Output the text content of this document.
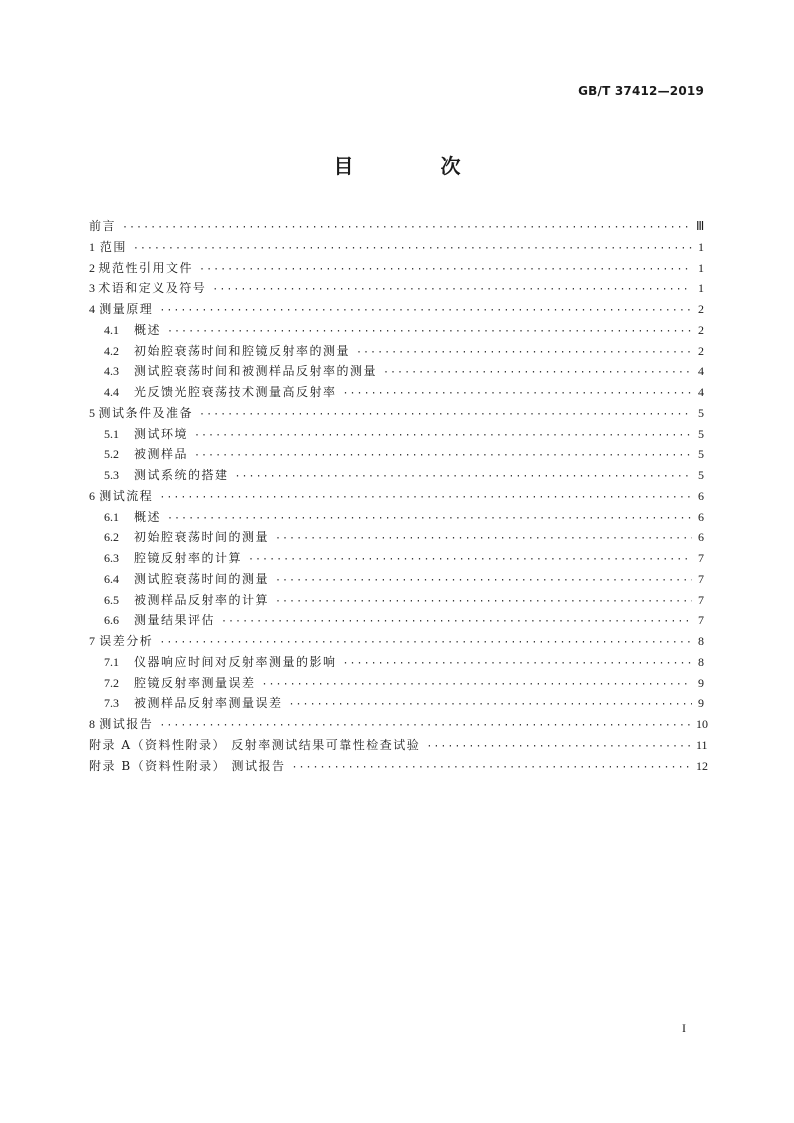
GB/T 37412—2019
目 次
前言 ·····	Ⅲ
1 范围 ·····	1
2 规范性引用文件 ·····	1
3 术语和定义及符号 ·····	1
4 测量原理 ·····	2
4.1	概述 ·····	2
4.2	初始腔衰荡时间和腔镜反射率的测量 ·····	2
4.3	测试腔衰荡时间和被测样品反射率的测量 ·····	4
4.4	光反馈光腔衰荡技术测量高反射率 ·····	4
5 测试条件及准备 ·····	5
5.1	测试环境 ·····	5
5.2	被测样品 ·····	5
5.3	测试系统的搭建 ·····	5
6 测试流程 ·····	6
6.1	概述 ·····	6
6.2	初始腔衰荡时间的测量 ·····	6
6.3	腔镜反射率的计算 ·····	7
6.4	测试腔衰荡时间的测量 ·····	7
6.5	被测样品反射率的计算 ·····	7
6.6	测量结果评估 ·····	7
7 误差分析 ·····	8
7.1	仪器响应时间对反射率测量的影响 ·····	8
7.2	腔镜反射率测量误差 ·····	9
7.3	被测样品反射率测量误差 ·····	9
8 测试报告 ·····	10
附录 A（资料性附录） 反射率测试结果可靠性检查试验 ·····	11
附录 B（资料性附录） 测试报告 ·····	12
I
